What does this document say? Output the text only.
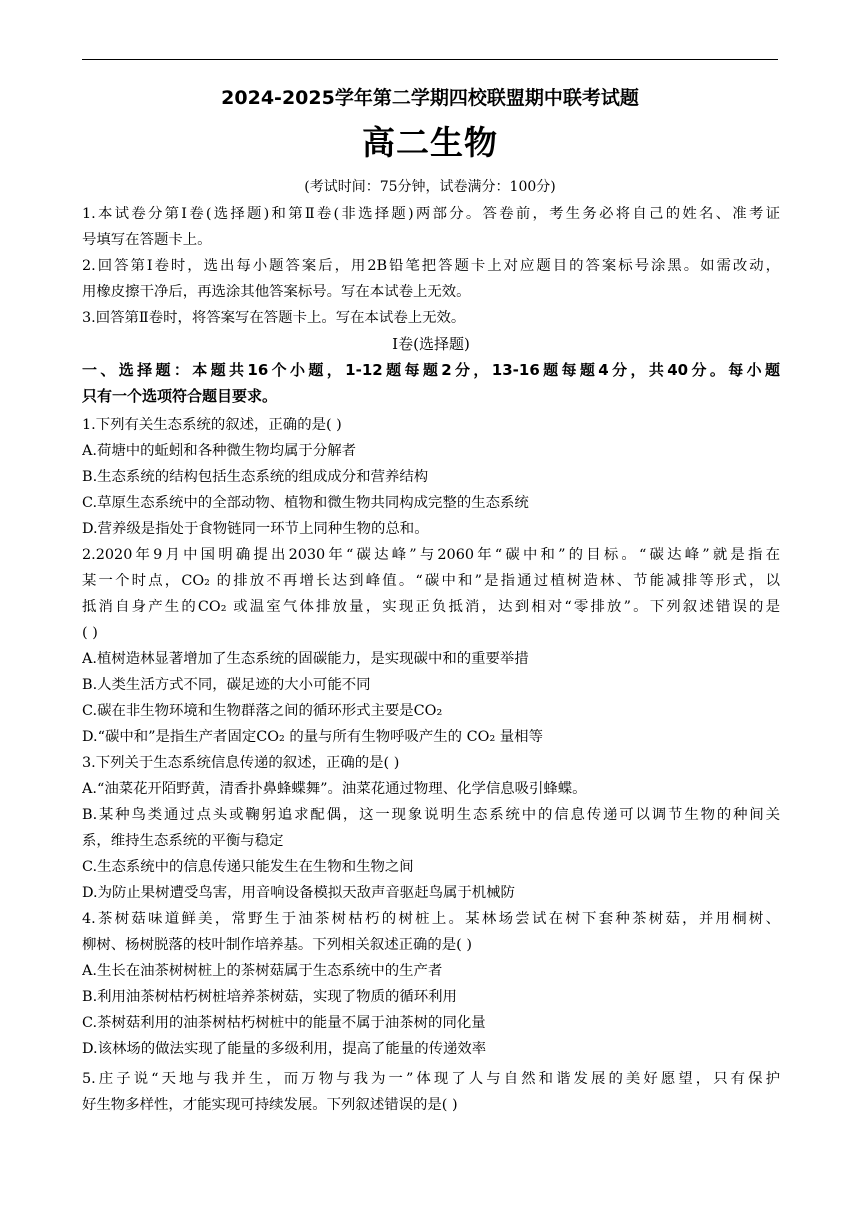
2024-2025学年第二学期四校联盟期中联考试题
高二生物
(考试时间：75分钟，试卷满分：100分)
1.本试卷分第Ⅰ卷(选择题)和第Ⅱ卷(非选择题)两部分。答卷前，考生务必将自己的姓名、准考证
号填写在答题卡上。
2.回答第Ⅰ卷时，选出每小题答案后，用2B铅笔把答题卡上对应题目的答案标号涂黑。如需改动，
用橡皮擦干净后，再选涂其他答案标号。写在本试卷上无效。
3.回答第Ⅱ卷时，将答案写在答题卡上。写在本试卷上无效。
Ⅰ卷(选择题)
一、选择题：本题共16个小题，1-12题每题2分，13-16题每题4分，共40分。每小题
只有一个选项符合题目要求。
1.下列有关生态系统的叙述，正确的是( )
A.荷塘中的蚯蚓和各种微生物均属于分解者
B.生态系统的结构包括生态系统的组成成分和营养结构
C.草原生态系统中的全部动物、植物和微生物共同构成完整的生态系统
D.营养级是指处于食物链同一环节上同种生物的总和。
2.2020年9月中国明确提出2030年“碳达峰”与2060年“碳中和”的目标。“碳达峰”就是指在
某一个时点，CO₂ 的排放不再增长达到峰值。“碳中和”是指通过植树造林、节能减排等形式，以
抵消自身产生的CO₂ 或温室气体排放量，实现正负抵消，达到相对“零排放”。下列叙述错误的是
( )
A.植树造林显著增加了生态系统的固碳能力，是实现碳中和的重要举措
B.人类生活方式不同，碳足迹的大小可能不同
C.碳在非生物环境和生物群落之间的循环形式主要是CO₂
D.“碳中和”是指生产者固定CO₂ 的量与所有生物呼吸产生的 CO₂ 量相等
3.下列关于生态系统信息传递的叙述，正确的是( )
A.“油菜花开陌野黄，清香扑鼻蜂蝶舞”。油菜花通过物理、化学信息吸引蜂蝶。
B.某种鸟类通过点头或鞠躬追求配偶，这一现象说明生态系统中的信息传递可以调节生物的种间关
系，维持生态系统的平衡与稳定
C.生态系统中的信息传递只能发生在生物和生物之间
D.为防止果树遭受鸟害，用音响设备模拟天敌声音驱赶鸟属于机械防
4.茶树菇味道鲜美，常野生于油茶树枯朽的树桩上。某林场尝试在树下套种茶树菇，并用桐树、
柳树、杨树脱落的枝叶制作培养基。下列相关叙述正确的是( )
A.生长在油茶树树桩上的茶树菇属于生态系统中的生产者
B.利用油茶树枯朽树桩培养茶树菇，实现了物质的循环利用
C.茶树菇利用的油茶树枯朽树桩中的能量不属于油茶树的同化量
D.该林场的做法实现了能量的多级利用，提高了能量的传递效率
5.庄子说“天地与我并生，而万物与我为一”体现了人与自然和谐发展的美好愿望，只有保护
好生物多样性，才能实现可持续发展。下列叙述错误的是( )
